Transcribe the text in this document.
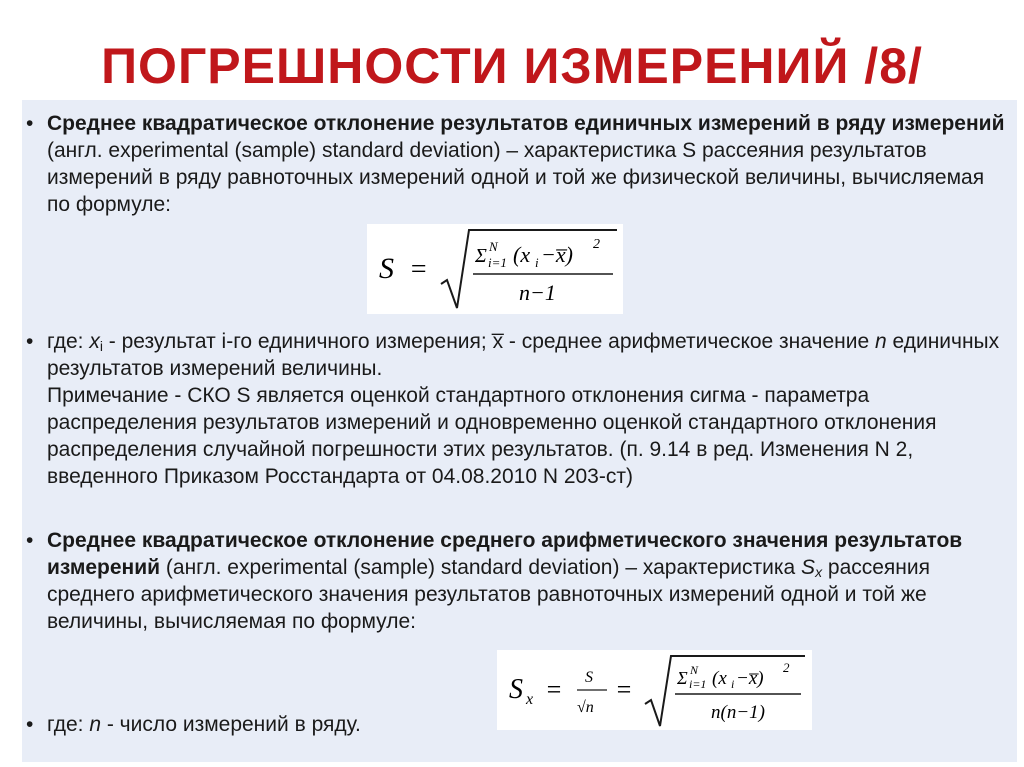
ПОГРЕШНОСТИ ИЗМЕРЕНИЙ /8/
• Среднее квадратическое отклонение результатов единичных измерений в ряду измерений (англ. experimental (sample) standard deviation) – характеристика S рассеяния результатов измерений в ряду равноточных измерений одной и той же физической величины, вычисляемая по формуле:
S = Σ N
i=1 (x i −x̅) 2
n−1
• где: $x_i$ - результат i-го единичного измерения; x̅ - среднее арифметическое значение n единичных результатов измерений величины.
Примечание - СКО S является оценкой стандартного отклонения сигма - параметра распределения результатов измерений и одновременно оценкой стандартного отклонения распределения случайной погрешности этих результатов. (п. 9.14 в ред. Изменения N 2, введенного Приказом Росстандарта от 04.08.2010 N 203-ст)
• Среднее квадратическое отклонение среднего арифметического значения результатов измерений (англ. experimental (sample) standard deviation) – характеристика $S_x$ рассеяния среднего арифметического значения результатов равноточных измерений одной и той же величины, вычисляемая по формуле:
S x = S
√n
= Σ N
i=1 (x i −x̅)
2
n(n−1)
• где: n - число измерений в ряду.
